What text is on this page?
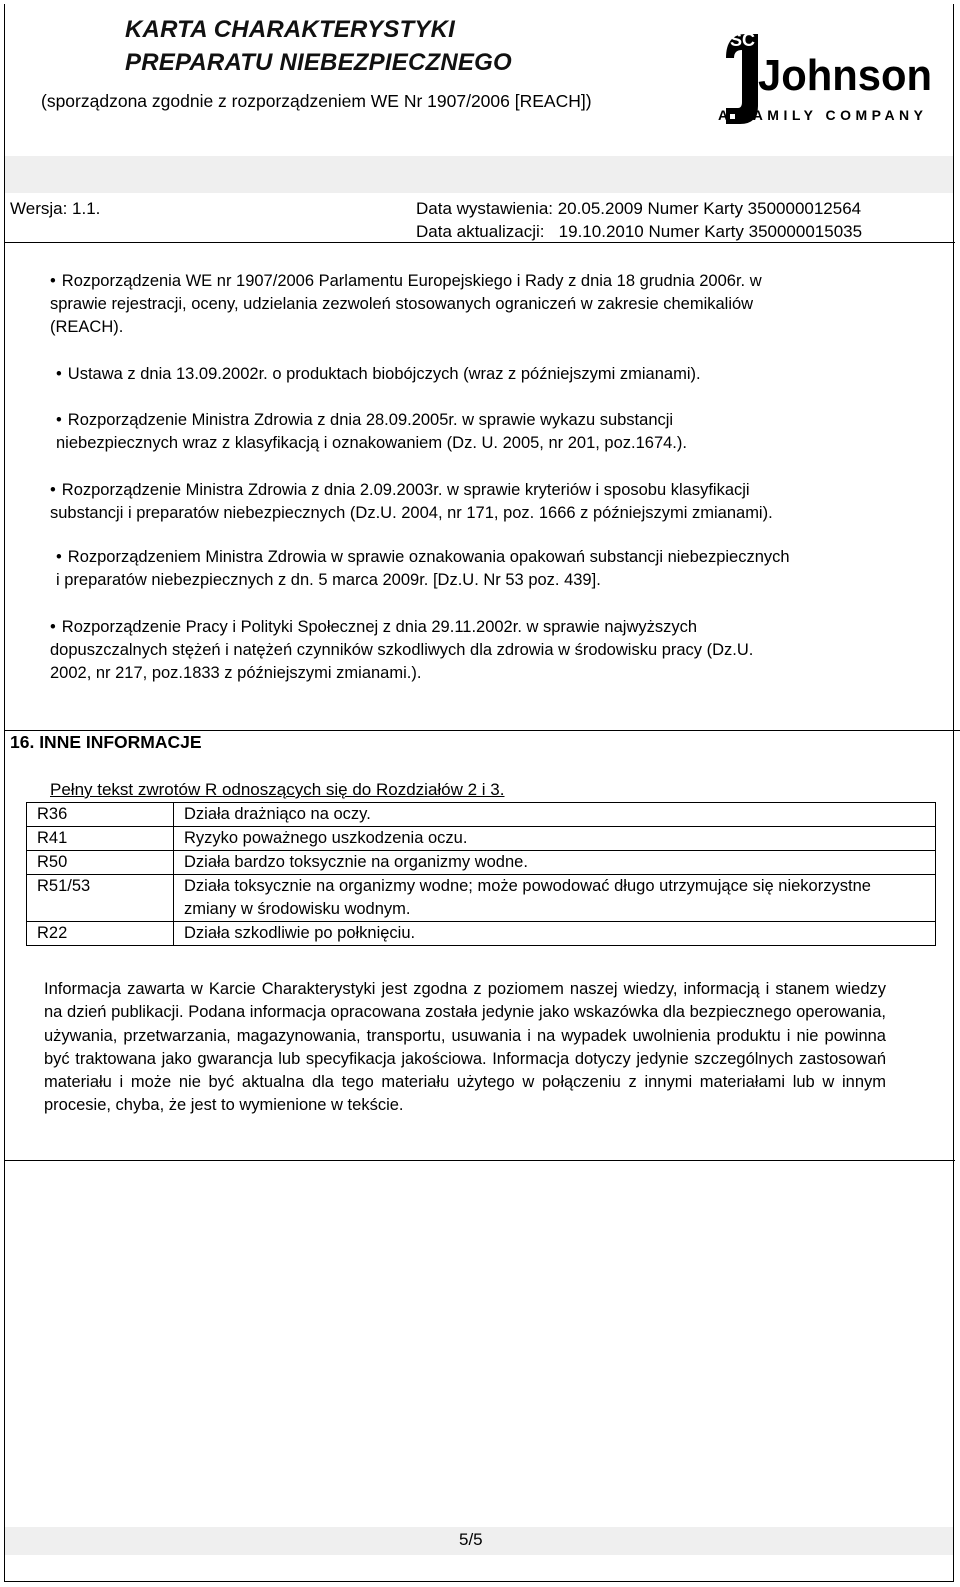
KARTA CHARAKTERYSTYKI
PREPARATU NIEBEZPIECZNEGO
(sporządzona zgodnie z rozporządzeniem WE Nr 1907/2006 [REACH])
SC
Johnson
A FAMILY COMPANY
Wersja: 1.1.	Data wystawienia: 20.05.2009 Numer Karty 350000012564
Data aktualizacji:   19.10.2010 Numer Karty 350000015035
• Rozporządzenia WE nr 1907/2006 Parlamentu Europejskiego i Rady z dnia 18 grudnia 2006r. w
sprawie rejestracji, oceny, udzielania zezwoleń stosowanych ograniczeń w zakresie chemikaliów
(REACH).
• Ustawa z dnia 13.09.2002r. o produktach biobójczych (wraz z późniejszymi zmianami).
• Rozporządzenie Ministra Zdrowia z dnia 28.09.2005r. w sprawie wykazu substancji
niebezpiecznych wraz z klasyfikacją i oznakowaniem (Dz. U. 2005, nr 201, poz.1674.).
• Rozporządzenie Ministra Zdrowia z dnia 2.09.2003r. w sprawie kryteriów i sposobu klasyfikacji
substancji i preparatów niebezpiecznych (Dz.U. 2004, nr 171, poz. 1666 z późniejszymi zmianami).
• Rozporządzeniem Ministra Zdrowia w sprawie oznakowania opakowań substancji niebezpiecznych
i preparatów niebezpiecznych z dn. 5 marca 2009r. [Dz.U. Nr 53 poz. 439].
• Rozporządzenie Pracy i Polityki Społecznej z dnia 29.11.2002r. w sprawie najwyższych
dopuszczalnych stężeń i natężeń czynników szkodliwych dla zdrowia w środowisku pracy (Dz.U.
2002, nr 217, poz.1833 z późniejszymi zmianami.).
16. INNE INFORMACJE
Pełny tekst zwrotów R odnoszących się do Rozdziałów 2 i 3.
R36	Działa drażniąco na oczy.
R41	Ryzyko poważnego uszkodzenia oczu.
R50	Działa bardzo toksycznie na organizmy wodne.
R51/53	Działa toksycznie na organizmy wodne; może powodować długo utrzymujące się niekorzystne zmiany w środowisku wodnym.
R22	Działa szkodliwie po połknięciu.
Informacja zawarta w Karcie Charakterystyki jest zgodna z poziomem naszej wiedzy, informacją i stanem wiedzy na dzień publikacji. Podana informacja opracowana została jedynie jako wskazówka dla bezpiecznego operowania, używania, przetwarzania, magazynowania, transportu, usuwania i na wypadek uwolnienia produktu i nie powinna być traktowana jako gwarancja lub specyfikacja jakościowa. Informacja dotyczy jedynie szczególnych zastosowań materiału i może nie być aktualna dla tego materiału użytego w połączeniu z innymi materiałami lub w innym procesie, chyba, że jest to wymienione w tekście.
5/5
